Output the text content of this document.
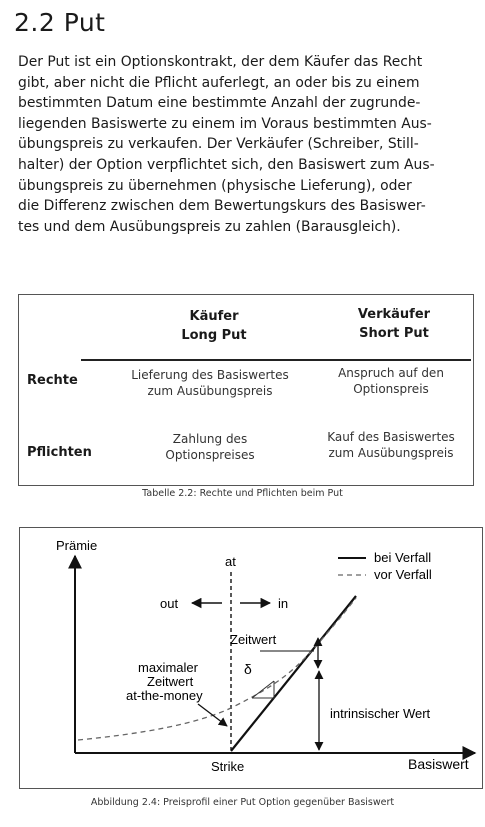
2.2 Put

Der Put ist ein Optionskontrakt, der dem Käufer das Recht
gibt, aber nicht die Pflicht auferlegt, an oder bis zu einem
bestimmten Datum eine bestimmte Anzahl der zugrunde-
liegenden Basiswerte zu einem im Voraus bestimmten Aus-
übungspreis zu verkaufen. Der Verkäufer (Schreiber, Still-
halter) der Option verpflichtet sich, den Basiswert zum Aus-
übungspreis zu übernehmen (physische Lieferung), oder
die Differenz zwischen dem Bewertungskurs des Basiswer-
tes und dem Ausübungspreis zu zahlen (Barausgleich).

Käufer
Long Put
Verkäufer
Short Put
Rechte	Lieferung des Basiswertes
zum Ausübungspreis
Anspruch auf den
Optionspreis
Pflichten
Zahlung des
Optionspreises
Kauf des Basiswertes
zum Ausübungspreis
Tabelle 2.2: Rechte und Pflichten beim Put
Prämie
Basiswert
at
Strike
out	in
bei Verfall
vor Verfall
Zeitwert
δ
maximaler Zeitwert at-the-money
intrinsischer Wert
Abbildung 2.4: Preisprofil einer Put Option gegenüber Basiswert
